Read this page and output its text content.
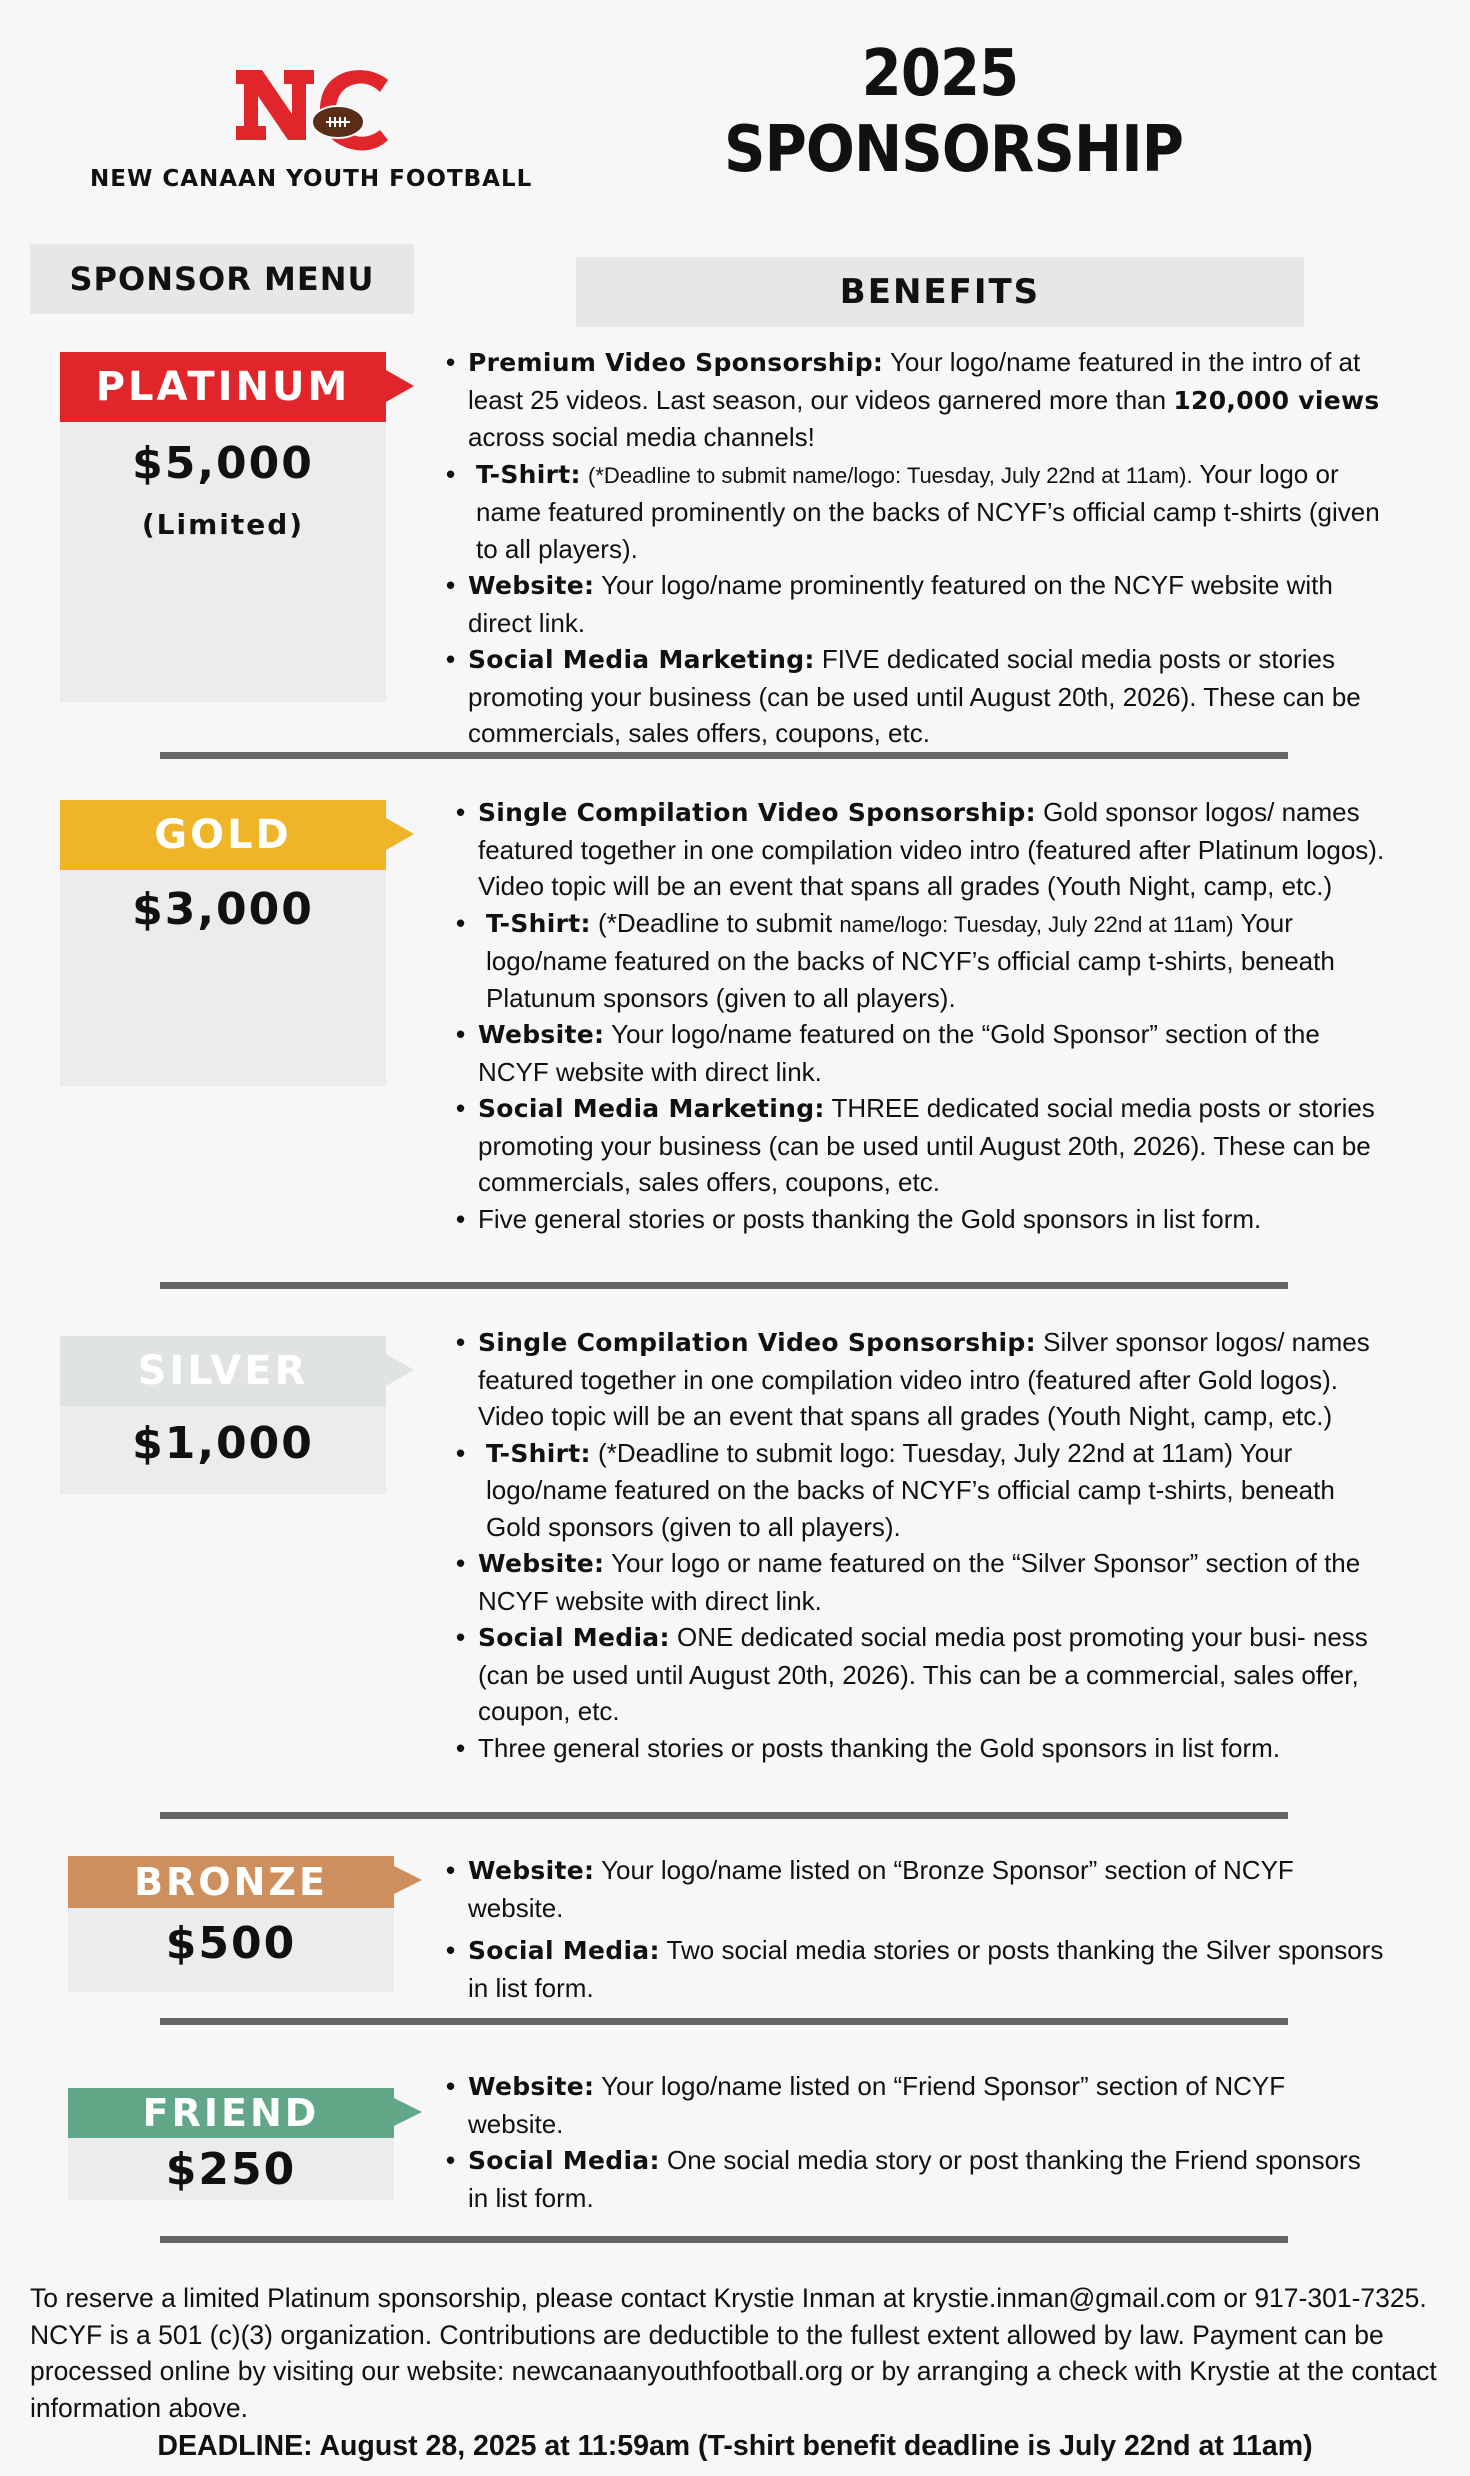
NEW CANAAN YOUTH FOOTBALL
2025
SPONSORSHIP
SPONSOR MENU	BENEFITS
PLATINUM
$5,000
(Limited)
• Premium Video Sponsorship: Your logo/name featured in the intro of at least 25 videos. Last season, our videos garnered more than 120,000 views across social media channels!
• T-Shirt: (*Deadline to submit name/logo: Tuesday, July 22nd at 11am). Your logo or name featured prominently on the backs of NCYF’s official camp t-shirts (given to all players).
• Website: Your logo/name prominently featured on the NCYF website with direct link.
• Social Media Marketing: FIVE dedicated social media posts or stories promoting your business (can be used until August 20th, 2026). These can be commercials, sales offers, coupons, etc.
GOLD
$3,000
• Single Compilation Video Sponsorship: Gold sponsor logos/ names featured together in one compilation video intro (featured after Platinum logos). Video topic will be an event that spans all grades (Youth Night, camp, etc.)
• T-Shirt: (*Deadline to submit name/logo: Tuesday, July 22nd at 11am) Your logo/name featured on the backs of NCYF’s official camp t-shirts, beneath Platunum sponsors (given to all players).
• Website: Your logo/name featured on the “Gold Sponsor” section of the NCYF website with direct link.
• Social Media Marketing: THREE dedicated social media posts or stories promoting your business (can be used until August 20th, 2026). These can be commercials, sales offers, coupons, etc.
• Five general stories or posts thanking the Gold sponsors in list form.
SILVER
$1,000
• Single Compilation Video Sponsorship: Silver sponsor logos/ names featured together in one compilation video intro (featured after Gold logos). Video topic will be an event that spans all grades (Youth Night, camp, etc.)
• T-Shirt: (*Deadline to submit logo: Tuesday, July 22nd at 11am) Your logo/name featured on the backs of NCYF’s official camp t-shirts, beneath Gold sponsors (given to all players).
• Website: Your logo or name featured on the “Silver Sponsor” section of the NCYF website with direct link.
• Social Media: ONE dedicated social media post promoting your busi- ness (can be used until August 20th, 2026). This can be a commercial, sales offer, coupon, etc.
• Three general stories or posts thanking the Gold sponsors in list form.
BRONZE
$500
• Website: Your logo/name listed on “Bronze Sponsor” section of NCYF website.
• Social Media: Two social media stories or posts thanking the Silver sponsors in list form.
FRIEND
$250
• Website: Your logo/name listed on “Friend Sponsor” section of NCYF website.
• Social Media: One social media story or post thanking the Friend sponsors in list form.
To reserve a limited Platinum sponsorship, please contact Krystie Inman at krystie.inman@gmail.com or 917-301-7325. NCYF is a 501 (c)(3) organization. Contributions are deductible to the fullest extent allowed by law. Payment can be processed online by visiting our website: newcanaanyouthfootball.org or by arranging a check with Krystie at the contact information above.
DEADLINE: August 28, 2025 at 11:59am (T-shirt benefit deadline is July 22nd at 11am)
